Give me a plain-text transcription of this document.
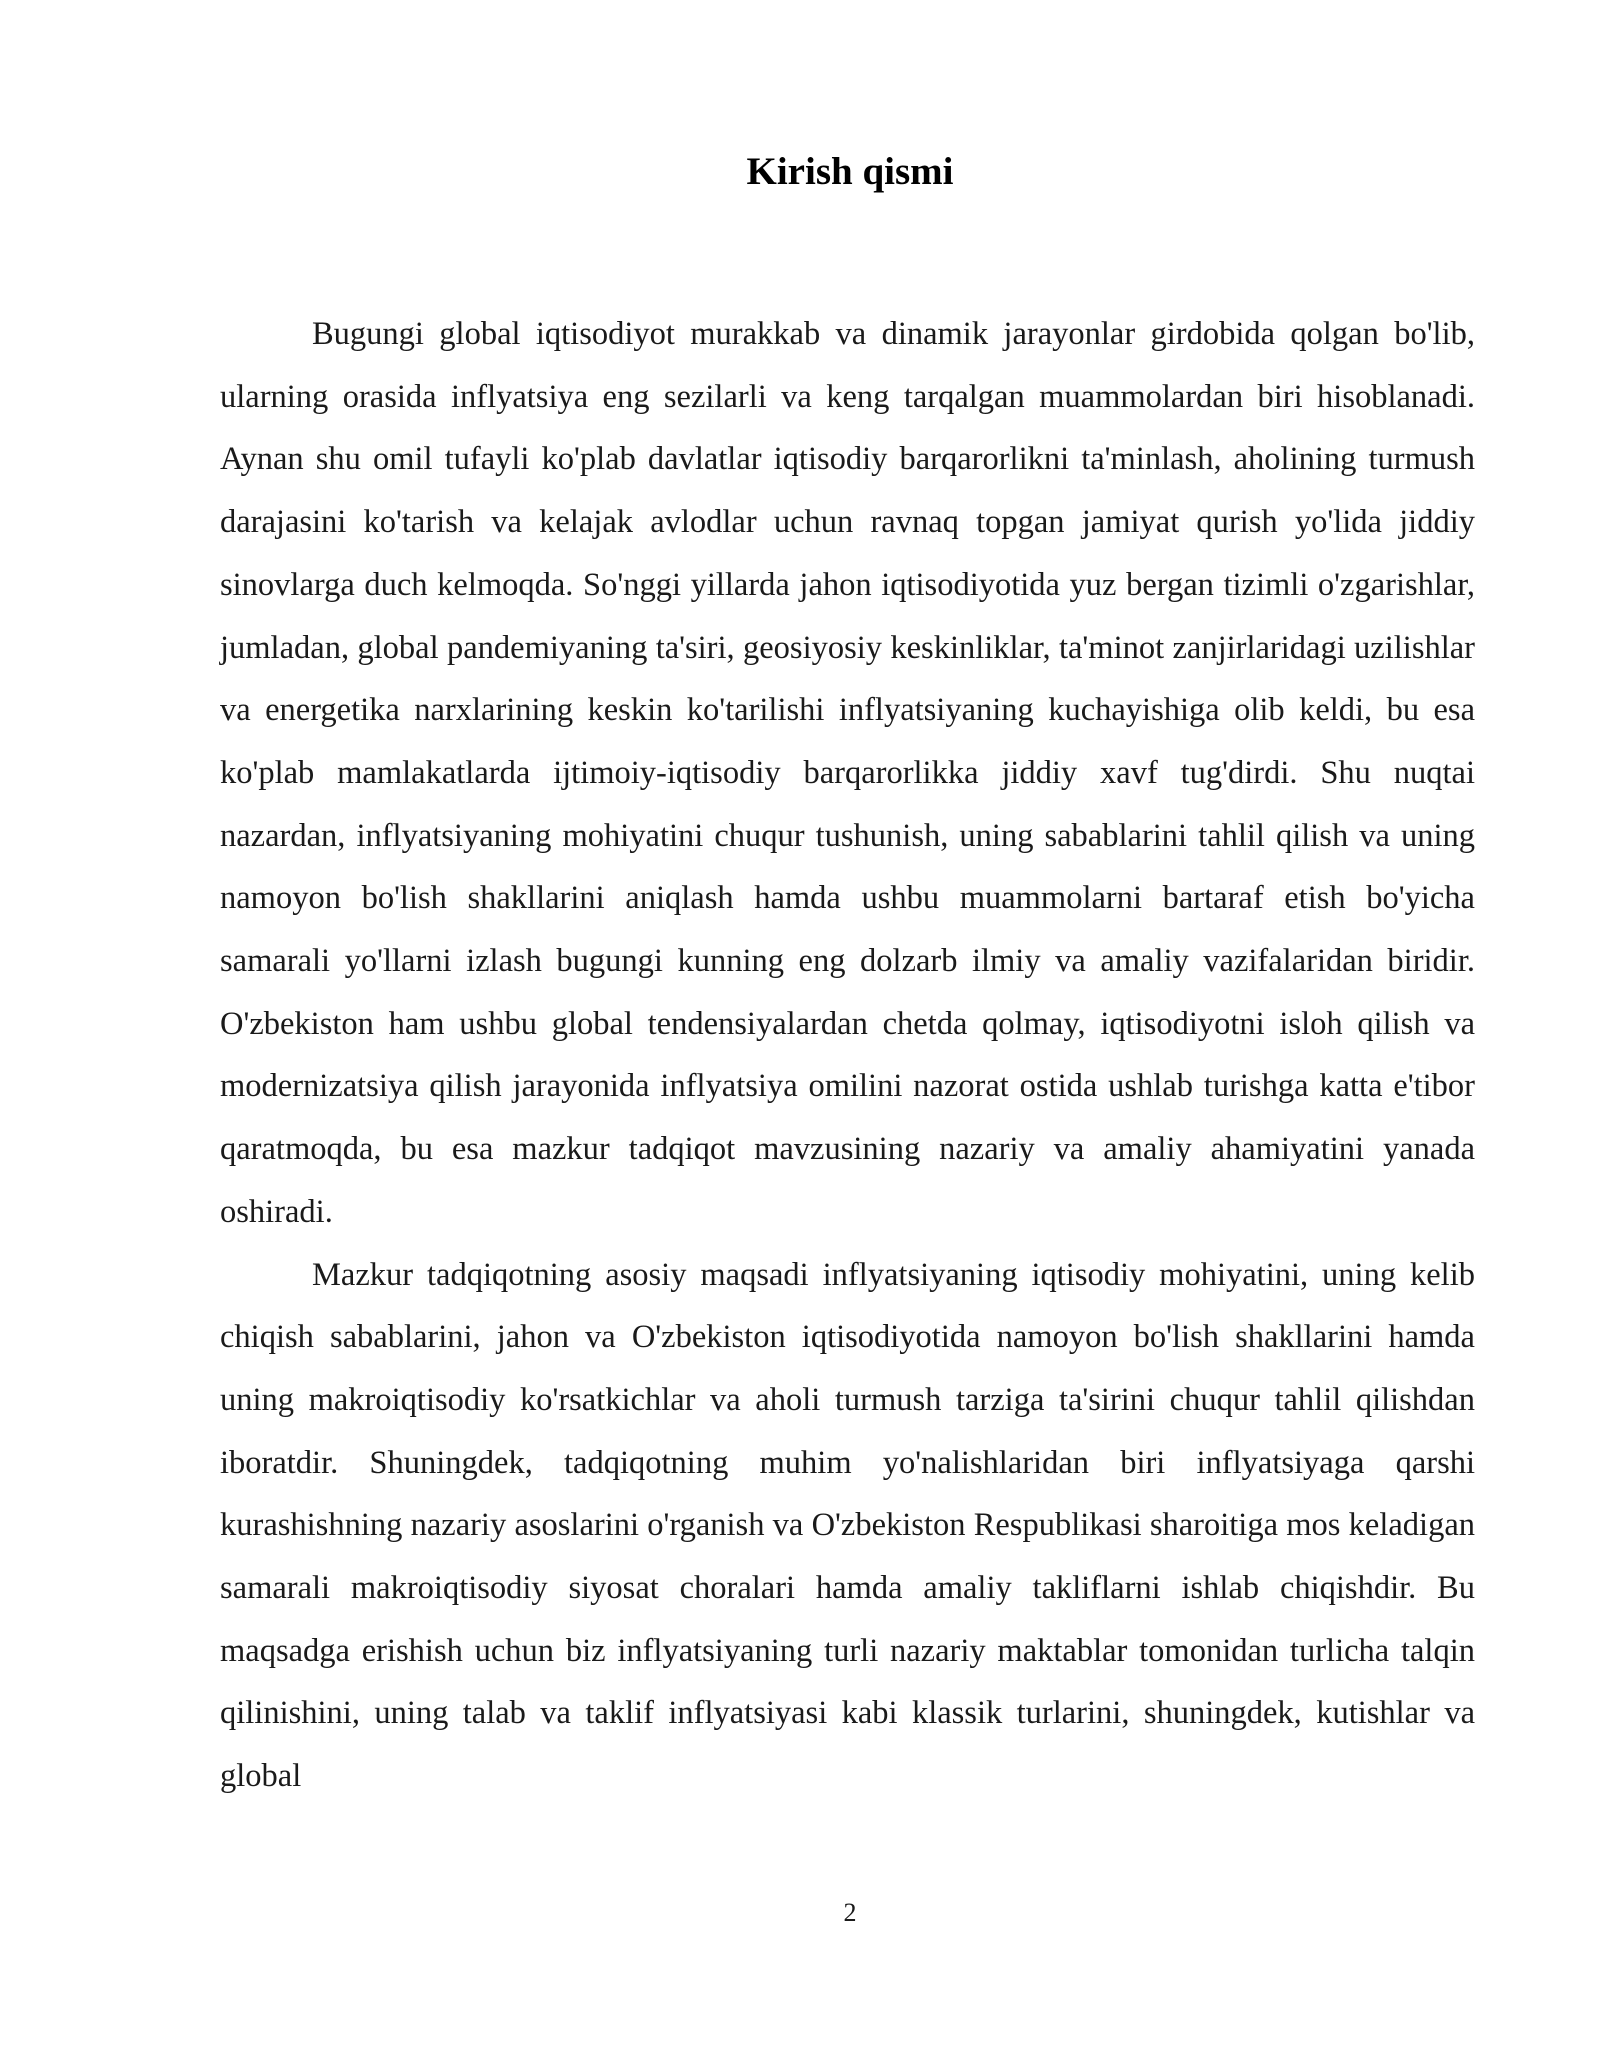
Kirish qismi

Bugungi global iqtisodiyot murakkab va dinamik jarayonlar girdobida qolgan bo'lib, ularning orasida inflyatsiya eng sezilarli va keng tarqalgan muammolardan biri hisoblanadi. Aynan shu omil tufayli ko'plab davlatlar iqtisodiy barqarorlikni ta'minlash, aholining turmush darajasini ko'tarish va kelajak avlodlar uchun ravnaq topgan jamiyat qurish yo'lida jiddiy sinovlarga duch kelmoqda. So'nggi yillarda jahon iqtisodiyotida yuz bergan tizimli o'zgarishlar, jumladan, global pandemiyaning ta'siri, geosiyosiy keskinliklar, ta'minot zanjirlaridagi uzilishlar va energetika narxlarining keskin ko'tarilishi inflyatsiyaning kuchayishiga olib keldi, bu esa ko'plab mamlakatlarda ijtimoiy-iqtisodiy barqarorlikka jiddiy xavf tug'dirdi. Shu nuqtai nazardan, inflyatsiyaning mohiyatini chuqur tushunish, uning sabablarini tahlil qilish va uning namoyon bo'lish shakllarini aniqlash hamda ushbu muammolarni bartaraf etish bo'yicha samarali yo'llarni izlash bugungi kunning eng dolzarb ilmiy va amaliy vazifalaridan biridir. O'zbekiston ham ushbu global tendensiyalardan chetda qolmay, iqtisodiyotni isloh qilish va modernizatsiya qilish jarayonida inflyatsiya omilini nazorat ostida ushlab turishga katta e'tibor qaratmoqda, bu esa mazkur tadqiqot mavzusining nazariy va amaliy ahamiyatini yanada oshiradi.

Mazkur tadqiqotning asosiy maqsadi inflyatsiyaning iqtisodiy mohiyatini, uning kelib chiqish sabablarini, jahon va O'zbekiston iqtisodiyotida namoyon bo'lish shakllarini hamda uning makroiqtisodiy ko'rsatkichlar va aholi turmush tarziga ta'sirini chuqur tahlil qilishdan iboratdir. Shuningdek, tadqiqotning muhim yo'nalishlaridan biri inflyatsiyaga qarshi kurashishning nazariy asoslarini o'rganish va O'zbekiston Respublikasi sharoitiga mos keladigan samarali makroiqtisodiy siyosat choralari hamda amaliy takliflarni ishlab chiqishdir. Bu maqsadga erishish uchun biz inflyatsiyaning turli nazariy maktablar tomonidan turlicha talqin qilinishini, uning talab va taklif inflyatsiyasi kabi klassik turlarini, shuningdek, kutishlar va global

2
